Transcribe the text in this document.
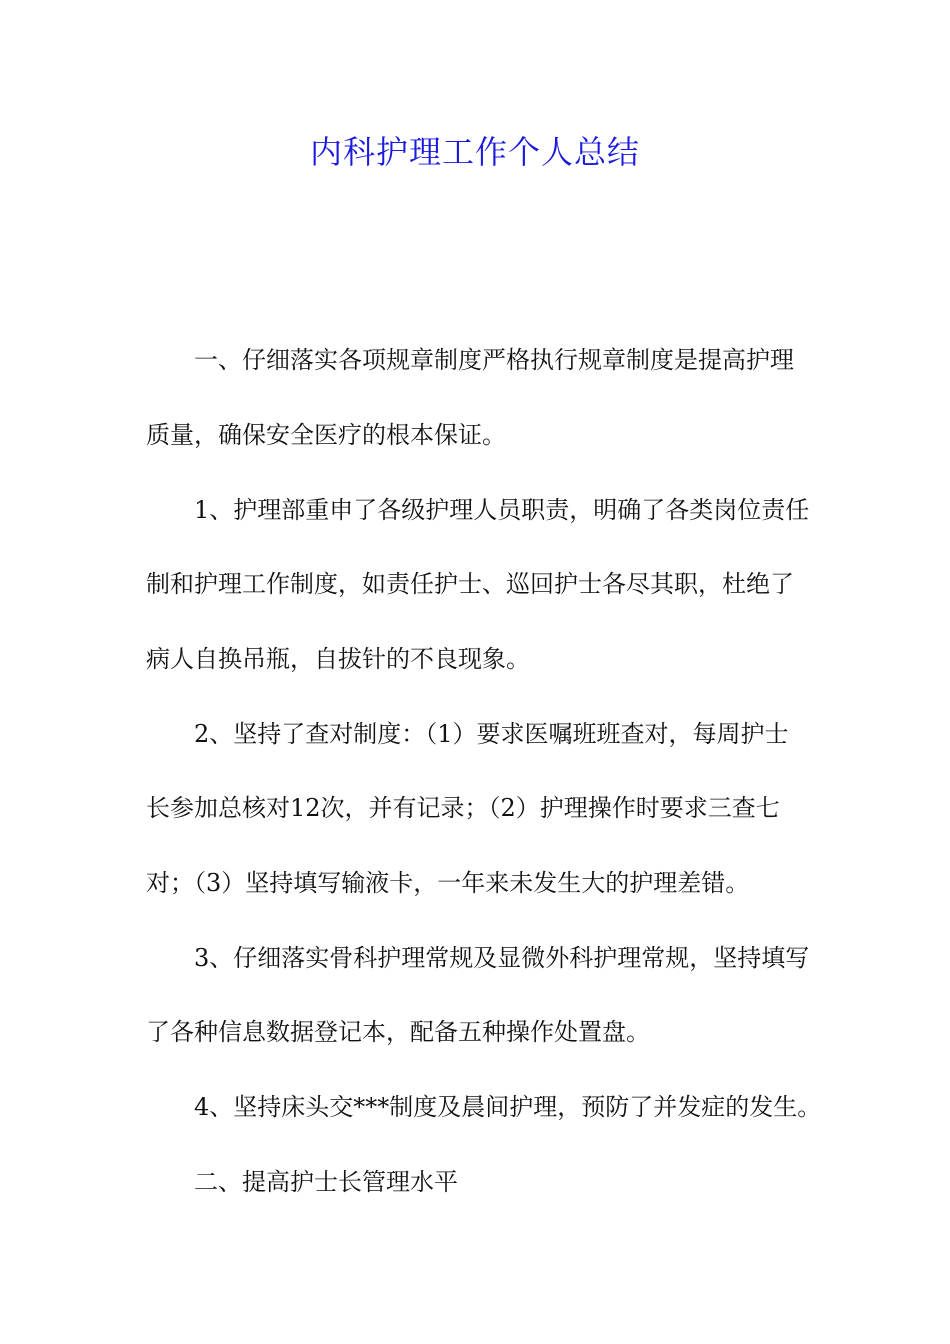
内科护理工作个人总结

一、仔细落实各项规章制度严格执行规章制度是提高护理

质量，确保安全医疗的根本保证。

1、护理部重申了各级护理人员职责，明确了各类岗位责任

制和护理工作制度，如责任护士、巡回护士各尽其职，杜绝了

病人自换吊瓶，自拔针的不良现象。

2、坚持了查对制度：（1）要求医嘱班班查对，每周护士

长参加总核对12次，并有记录；（2）护理操作时要求三查七

对；（3）坚持填写输液卡，一年来未发生大的护理差错。

3、仔细落实骨科护理常规及显微外科护理常规，坚持填写

了各种信息数据登记本，配备五种操作处置盘。

4、坚持床头交***制度及晨间护理，预防了并发症的发生。

二、提高护士长管理水平
